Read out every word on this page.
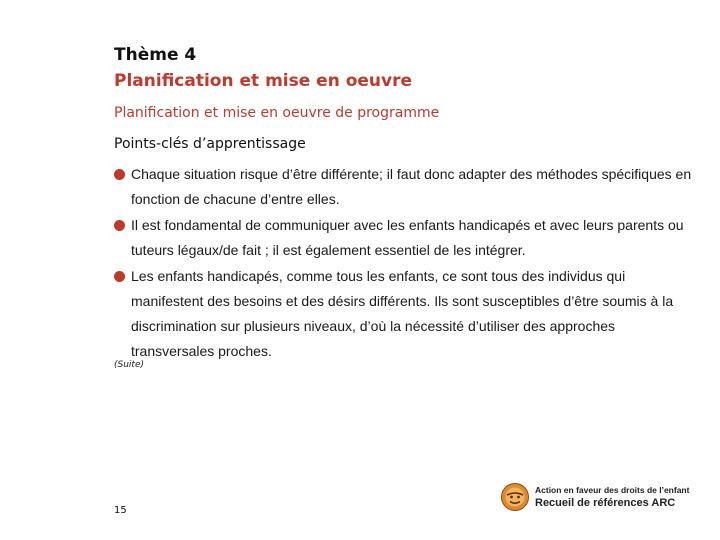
Thème 4
Planification et mise en oeuvre
Planification et mise en oeuvre de programme
Points-clés d’apprentissage
Chaque situation risque d’être différente; il faut donc adapter des méthodes spécifiques en fonction de chacune d’entre elles.
Il est fondamental de communiquer avec les enfants handicapés et avec leurs parents ou tuteurs légaux/de fait ; il est également essentiel de les intégrer.
Les enfants handicapés, comme tous les enfants, ce sont tous des individus qui manifestent des besoins et des désirs différents. Ils sont susceptibles d’être soumis à la discrimination sur plusieurs niveaux, d’où la nécessité d’utiliser des approches transversales proches.
(Suite)
15
Action en faveur des droits de l’enfant
Recueil de références ARC
